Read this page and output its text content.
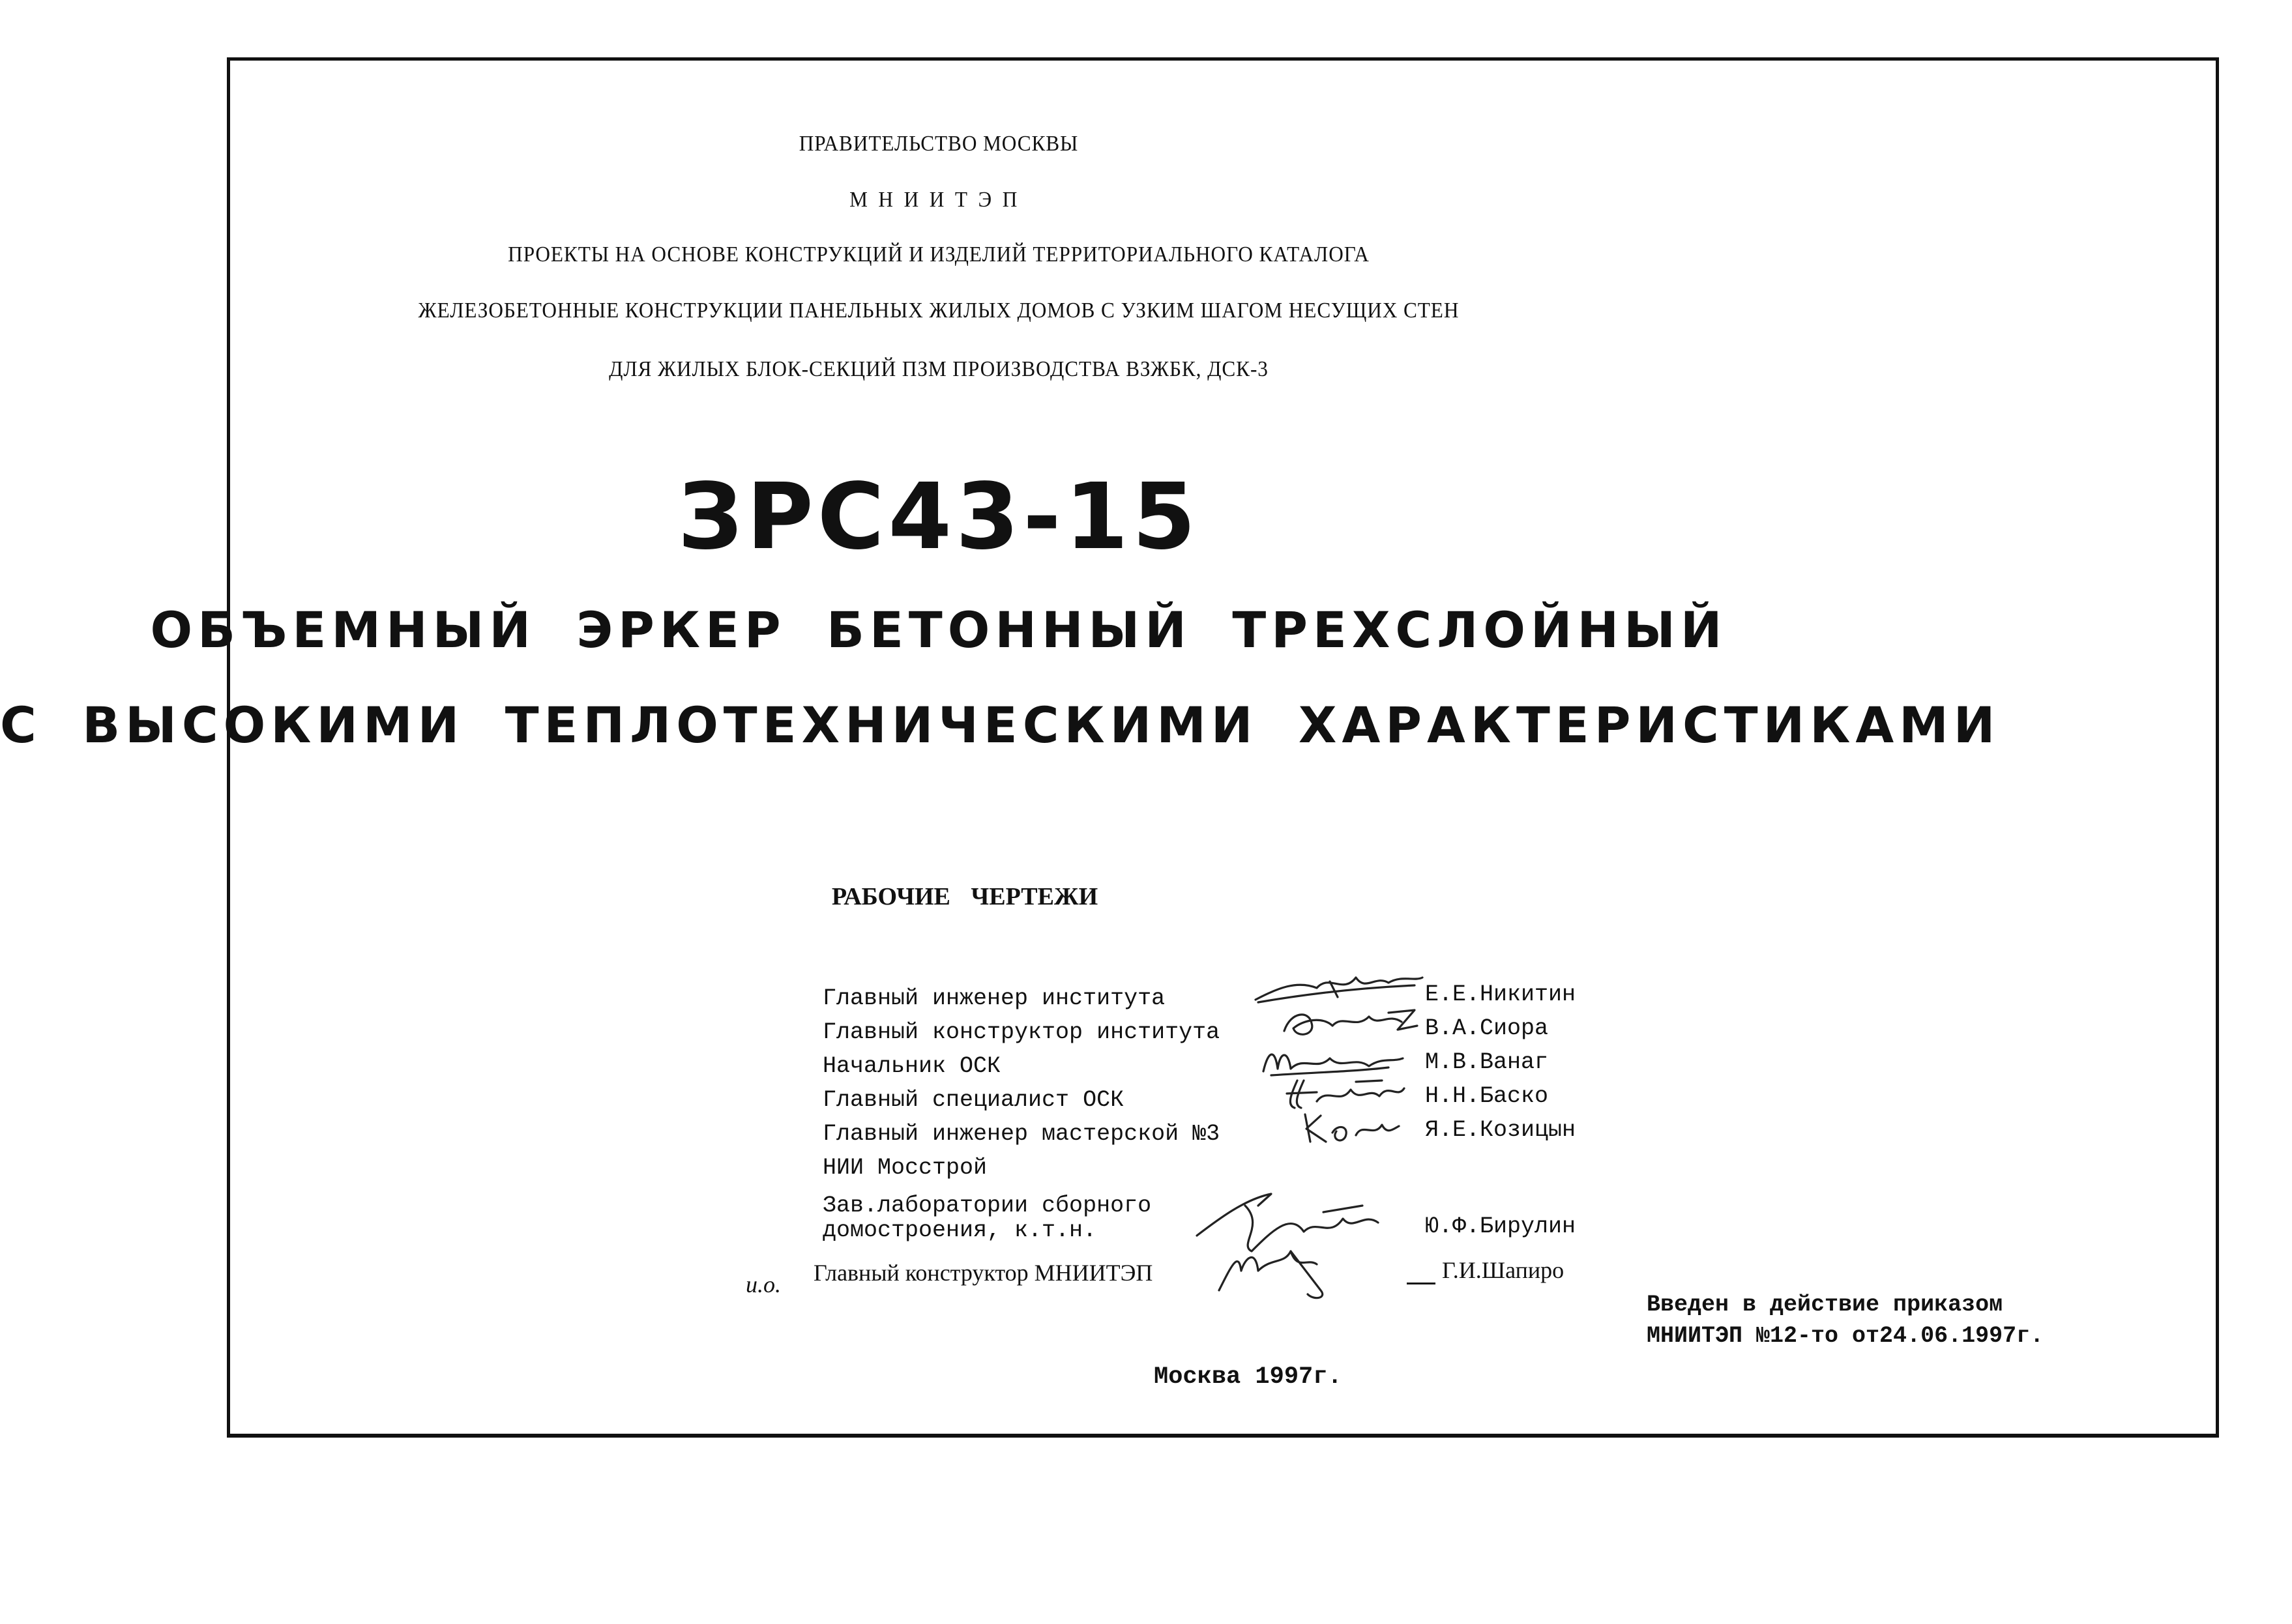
ПРАВИТЕЛЬСТВО МОСКВЫ
МНИИТЭП
ПРОЕКТЫ НА ОСНОВЕ КОНСТРУКЦИЙ И ИЗДЕЛИЙ ТЕРРИТОРИАЛЬНОГО КАТАЛОГА
ЖЕЛЕЗОБЕТОННЫЕ КОНСТРУКЦИИ ПАНЕЛЬНЫХ ЖИЛЫХ ДОМОВ С УЗКИМ ШАГОМ НЕСУЩИХ СТЕН
ДЛЯ ЖИЛЫХ БЛОК-СЕКЦИЙ ПЗМ ПРОИЗВОДСТВА ВЗЖБК, ДСК-3
ЗРС43-15
ОБЪЕМНЫЙ ЭРКЕР БЕТОННЫЙ ТРЕХСЛОЙНЫЙ
С ВЫСОКИМИ ТЕПЛОТЕХНИЧЕСКИМИ ХАРАКТЕРИСТИКАМИ
РАБОЧИЕ ЧЕРТЕЖИ
Главный инженер института
Главный конструктор института
Начальник ОСК
Главный специалист ОСК
Главный инженер мастерской №3
НИИ Мосстрой
Зав.лаборатории сборного
домостроения, к.т.н.
Главный конструктор МНИИТЭП
Е.Е.Никитин
В.А.Сиора
М.В.Ванаг
Н.Н.Баско
Я.Е.Козицын
Ю.Ф.Бирулин
Г.И.Шапиро
и.о.
Введен в действие приказом
МНИИТЭП №12-то от24.06.1997г.
Москва 1997г.
